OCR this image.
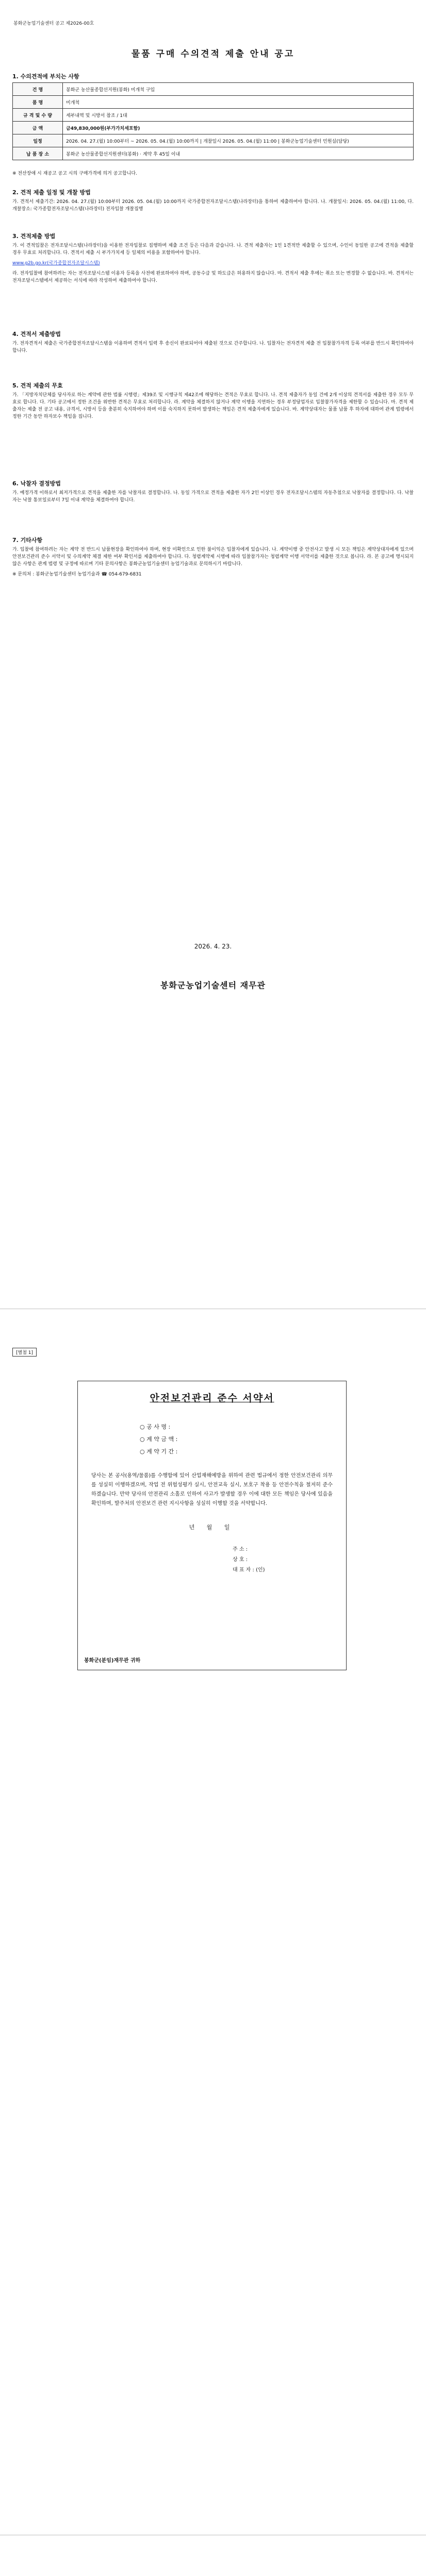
봉화군농업기술센터 공고 제2026-00호
물품 구매 수의견적 제출 안내 공고
1. 수의견적에 부치는 사항
건 명	봉화군 농산물종합선지원(봉화) 미개척 구입
품 명	미개척
규 격 및 수 량	세부내역 및 시방서 참조 / 1대
금 액	금49,830,000원(부가가치세포함)
일정	2026. 04. 27.(월) 10:00부터 ~ 2026. 05. 04.(월) 10:00까지 | 개찰일시 2026. 05. 04.(월) 11:00 | 봉화군농업기술센터 민원실(담당)
납 품 장 소	봉화군 농산물종합선지원센터(봉화) · 계약 후 45일 이내

※ 전산장애 시 재공고 공고 시의 구매가격에 의거 공고합니다.

2. 견적 제출 일정 및 개찰 방법

가. 견적서 제출기간: 2026. 04. 27.(월) 10:00부터 2026. 05. 04.(월) 10:00까지 국가종합전자조달시스템(나라장터)을 통하여 제출하여야 합니다. 나. 개찰일시: 2026. 05. 04.(월) 11:00, 다. 개찰장소: 국가종합전자조달시스템(나라장터) 전자입찰 개찰집행

3. 견적제출 방법

가. 이 견적입찰은 전자조달시스템(나라장터)을 이용한 전자입찰로 집행하며 제출 조건 등은 다음과 같습니다. 나. 견적 제출자는 1인 1견적만 제출할 수 있으며, 수인이 동일한 공고에 견적을 제출할 경우 무효로 처리합니다. 다. 견적서 제출 시 부가가치세 등 일체의 비용을 포함하여야 합니다.

www.g2b.go.kr(국가종합전자조달시스템)

라. 전자입찰에 참여하려는 자는 전자조달시스템 이용자 등록을 사전에 완료하여야 하며, 공동수급 및 하도급은 허용하지 않습니다. 마. 견적서 제출 후에는 취소 또는 변경할 수 없습니다. 바. 견적서는 전자조달시스템에서 제공하는 서식에 따라 작성하여 제출하여야 합니다.

4. 견적서 제출방법

가. 전자견적서 제출은 국가종합전자조달시스템을 이용하며 견적서 입력 후 송신이 완료되어야 제출된 것으로 간주합니다. 나. 입찰자는 전자견적 제출 전 입찰참가자격 등록 여부를 반드시 확인하여야 합니다.

5. 견적 제출의 무효

가. 「지방자치단체를 당사자로 하는 계약에 관한 법률 시행령」제39조 및 시행규칙 제42조에 해당하는 견적은 무효로 합니다. 나. 견적 제출자가 동일 건에 2개 이상의 견적서를 제출한 경우 모두 무효로 합니다. 다. 기타 공고에서 정한 조건을 위반한 견적은 무효로 처리합니다. 라. 계약을 체결하지 않거나 계약 이행을 지연하는 경우 부정당업자로 입찰참가자격을 제한할 수 있습니다. 마. 견적 제출자는 제출 전 공고 내용, 규격서, 시방서 등을 충분히 숙지하여야 하며 이를 숙지하지 못하여 발생하는 책임은 견적 제출자에게 있습니다. 바. 계약상대자는 물품 납품 후 하자에 대하여 관계 법령에서 정한 기간 동안 하자보수 책임을 집니다.

6. 낙찰자 결정방법

가. 예정가격 이하로서 최저가격으로 견적을 제출한 자를 낙찰자로 결정합니다. 나. 동일 가격으로 견적을 제출한 자가 2인 이상인 경우 전자조달시스템의 자동추첨으로 낙찰자를 결정합니다. 다. 낙찰자는 낙찰 통보일로부터 7일 이내 계약을 체결하여야 합니다.

7. 기타사항

가. 입찰에 참여하려는 자는 계약 전 반드시 납품현장을 확인하여야 하며, 현장 미확인으로 인한 불이익은 입찰자에게 있습니다. 나. 계약이행 중 안전사고 발생 시 모든 책임은 계약상대자에게 있으며 안전보건관리 준수 서약서 및 수의계약 체결 제한 여부 확인서를 제출하여야 합니다. 다. 청렴계약제 시행에 따라 입찰참가자는 청렴계약 이행 서약서를 제출한 것으로 봅니다. 라. 본 공고에 명시되지 않은 사항은 관계 법령 및 규정에 따르며 기타 문의사항은 봉화군농업기술센터 농업기술과로 문의하시기 바랍니다.

※ 문의처 : 봉화군농업기술센터 농업기술과 ☎ 054-679-6831

2026. 4. 23.
봉화군농업기술센터 재무관
[별첨 1]
안전보건관리 준수 서약서
○ 공 사 명 :
○ 계 약 금 액 :
○ 계 약 기 간 :
당사는 본 공사(용역/물품)를 수행함에 있어 산업재해예방을 위하여 관련 법규에서 정한 안전보건관리 의무를 성실히 이행하겠으며, 작업 전 위험성평가 실시, 안전교육 실시, 보호구 착용 등 안전수칙을 철저히 준수하겠습니다. 만약 당사의 안전관리 소홀로 인하여 사고가 발생할 경우 이에 대한 모든 책임은 당사에 있음을 확인하며, 발주처의 안전보건 관련 지시사항을 성실히 이행할 것을 서약합니다.
년 월 일
주 소 :
상 호 :
대 표 자 : (인)
봉화군(분임)재무관 귀하
